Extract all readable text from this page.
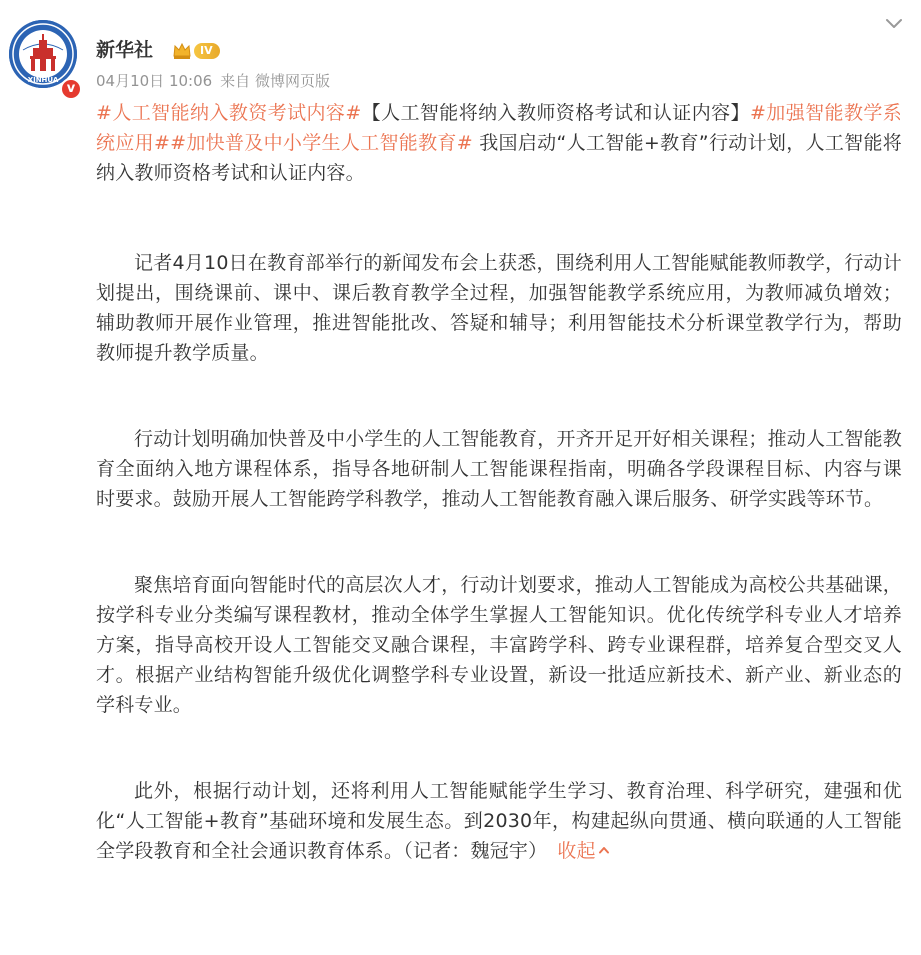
XINHUA
v
新华社	IV
04月10日 10:06 来自 微博网页版

#人工智能纳入教资考试内容#【人工智能将纳入教师资格考试和认证内容】#加强智能教学系统应用##加快普及中小学生人工智能教育# 我国启动“人工智能+教育”行动计划，人工智能将纳入教师资格考试和认证内容。

记者4月10日在教育部举行的新闻发布会上获悉，围绕利用人工智能赋能教师教学，行动计划提出，围绕课前、课中、课后教育教学全过程，加强智能教学系统应用，为教师减负增效；辅助教师开展作业管理，推进智能批改、答疑和辅导；利用智能技术分析课堂教学行为，帮助教师提升教学质量。

行动计划明确加快普及中小学生的人工智能教育，开齐开足开好相关课程；推动人工智能教育全面纳入地方课程体系，指导各地研制人工智能课程指南，明确各学段课程目标、内容与课时要求。鼓励开展人工智能跨学科教学，推动人工智能教育融入课后服务、研学实践等环节。

聚焦培育面向智能时代的高层次人才，行动计划要求，推动人工智能成为高校公共基础课，按学科专业分类编写课程教材，推动全体学生掌握人工智能知识。优化传统学科专业人才培养方案，指导高校开设人工智能交叉融合课程，丰富跨学科、跨专业课程群，培养复合型交叉人才。根据产业结构智能升级优化调整学科专业设置，新设一批适应新技术、新产业、新业态的学科专业。

此外，根据行动计划，还将利用人工智能赋能学生学习、教育治理、科学研究，建强和优化“人工智能+教育”基础环境和发展生态。到2030年，构建起纵向贯通、横向联通的人工智能全学段教育和全社会通识教育体系。（记者：魏冠宇） 收起
